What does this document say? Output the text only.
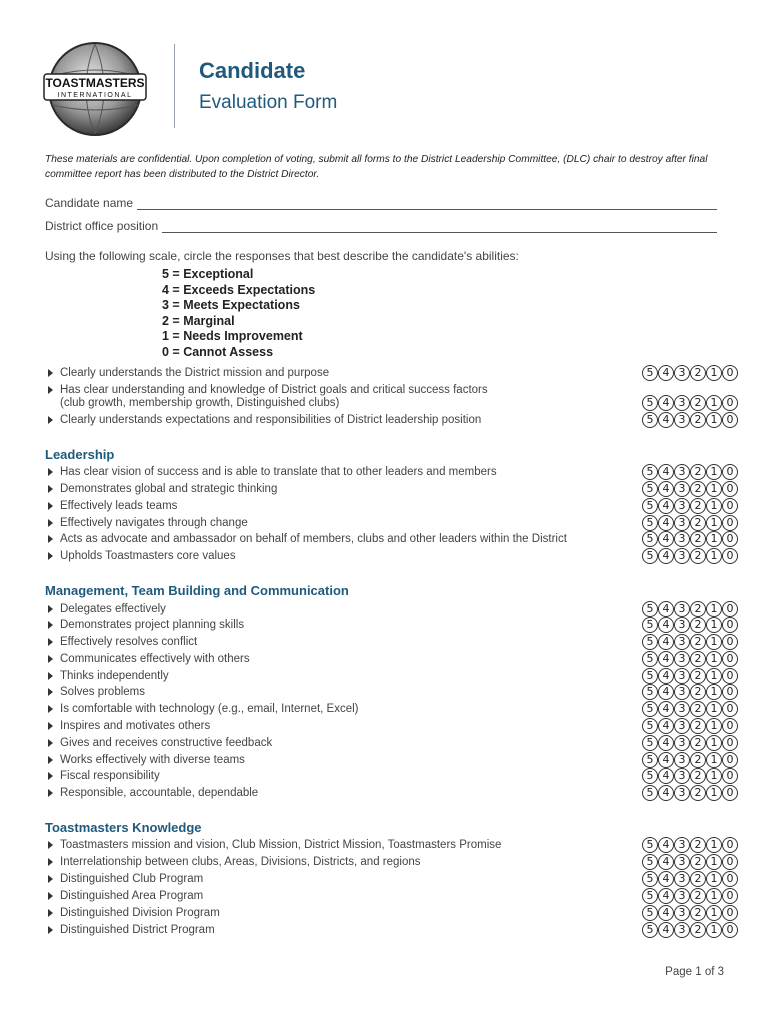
TOASTMASTERS
INTERNATIONAL
Candidate
Evaluation Form
These materials are confidential. Upon completion of voting, submit all forms to the District Leadership Committee, (DLC) chair to destroy after final committee report has been distributed to the District Director.
Candidate name
District office position
Using the following scale, circle the responses that best describe the candidate's abilities:
5 = Exceptional
4 = Exceeds Expectations
3 = Meets Expectations
2 = Marginal
1 = Needs Improvement
0 = Cannot Assess
Clearly understands the District mission and purpose	5 4 3 2 1 0
Has clear understanding and knowledge of District goals and critical success factors
(club growth, membership growth, Distinguished clubs)	5 4 3 2 1 0
Clearly understands expectations and responsibilities of District leadership position	5 4 3 2 1 0
Leadership
Has clear vision of success and is able to translate that to other leaders and members	5 4 3 2 1 0
Demonstrates global and strategic thinking	5 4 3 2 1 0
Effectively leads teams	5 4 3 2 1 0
Effectively navigates through change	5 4 3 2 1 0
Acts as advocate and ambassador on behalf of members, clubs and other leaders within the District	5 4 3 2 1 0
Upholds Toastmasters core values	5 4 3 2 1 0
Management, Team Building and Communication
Delegates effectively	5 4 3 2 1 0
Demonstrates project planning skills	5 4 3 2 1 0
Effectively resolves conflict	5 4 3 2 1 0
Communicates effectively with others	5 4 3 2 1 0
Thinks independently	5 4 3 2 1 0
Solves problems	5 4 3 2 1 0
Is comfortable with technology (e.g., email, Internet, Excel)	5 4 3 2 1 0
Inspires and motivates others	5 4 3 2 1 0
Gives and receives constructive feedback	5 4 3 2 1 0
Works effectively with diverse teams	5 4 3 2 1 0
Fiscal responsibility	5 4 3 2 1 0
Responsible, accountable, dependable	5 4 3 2 1 0
Toastmasters Knowledge
Toastmasters mission and vision, Club Mission, District Mission, Toastmasters Promise	5 4 3 2 1 0
Interrelationship between clubs, Areas, Divisions, Districts, and regions	5 4 3 2 1 0
Distinguished Club Program	5 4 3 2 1 0
Distinguished Area Program	5 4 3 2 1 0
Distinguished Division Program	5 4 3 2 1 0
Distinguished District Program	5 4 3 2 1 0
Page 1 of 3
